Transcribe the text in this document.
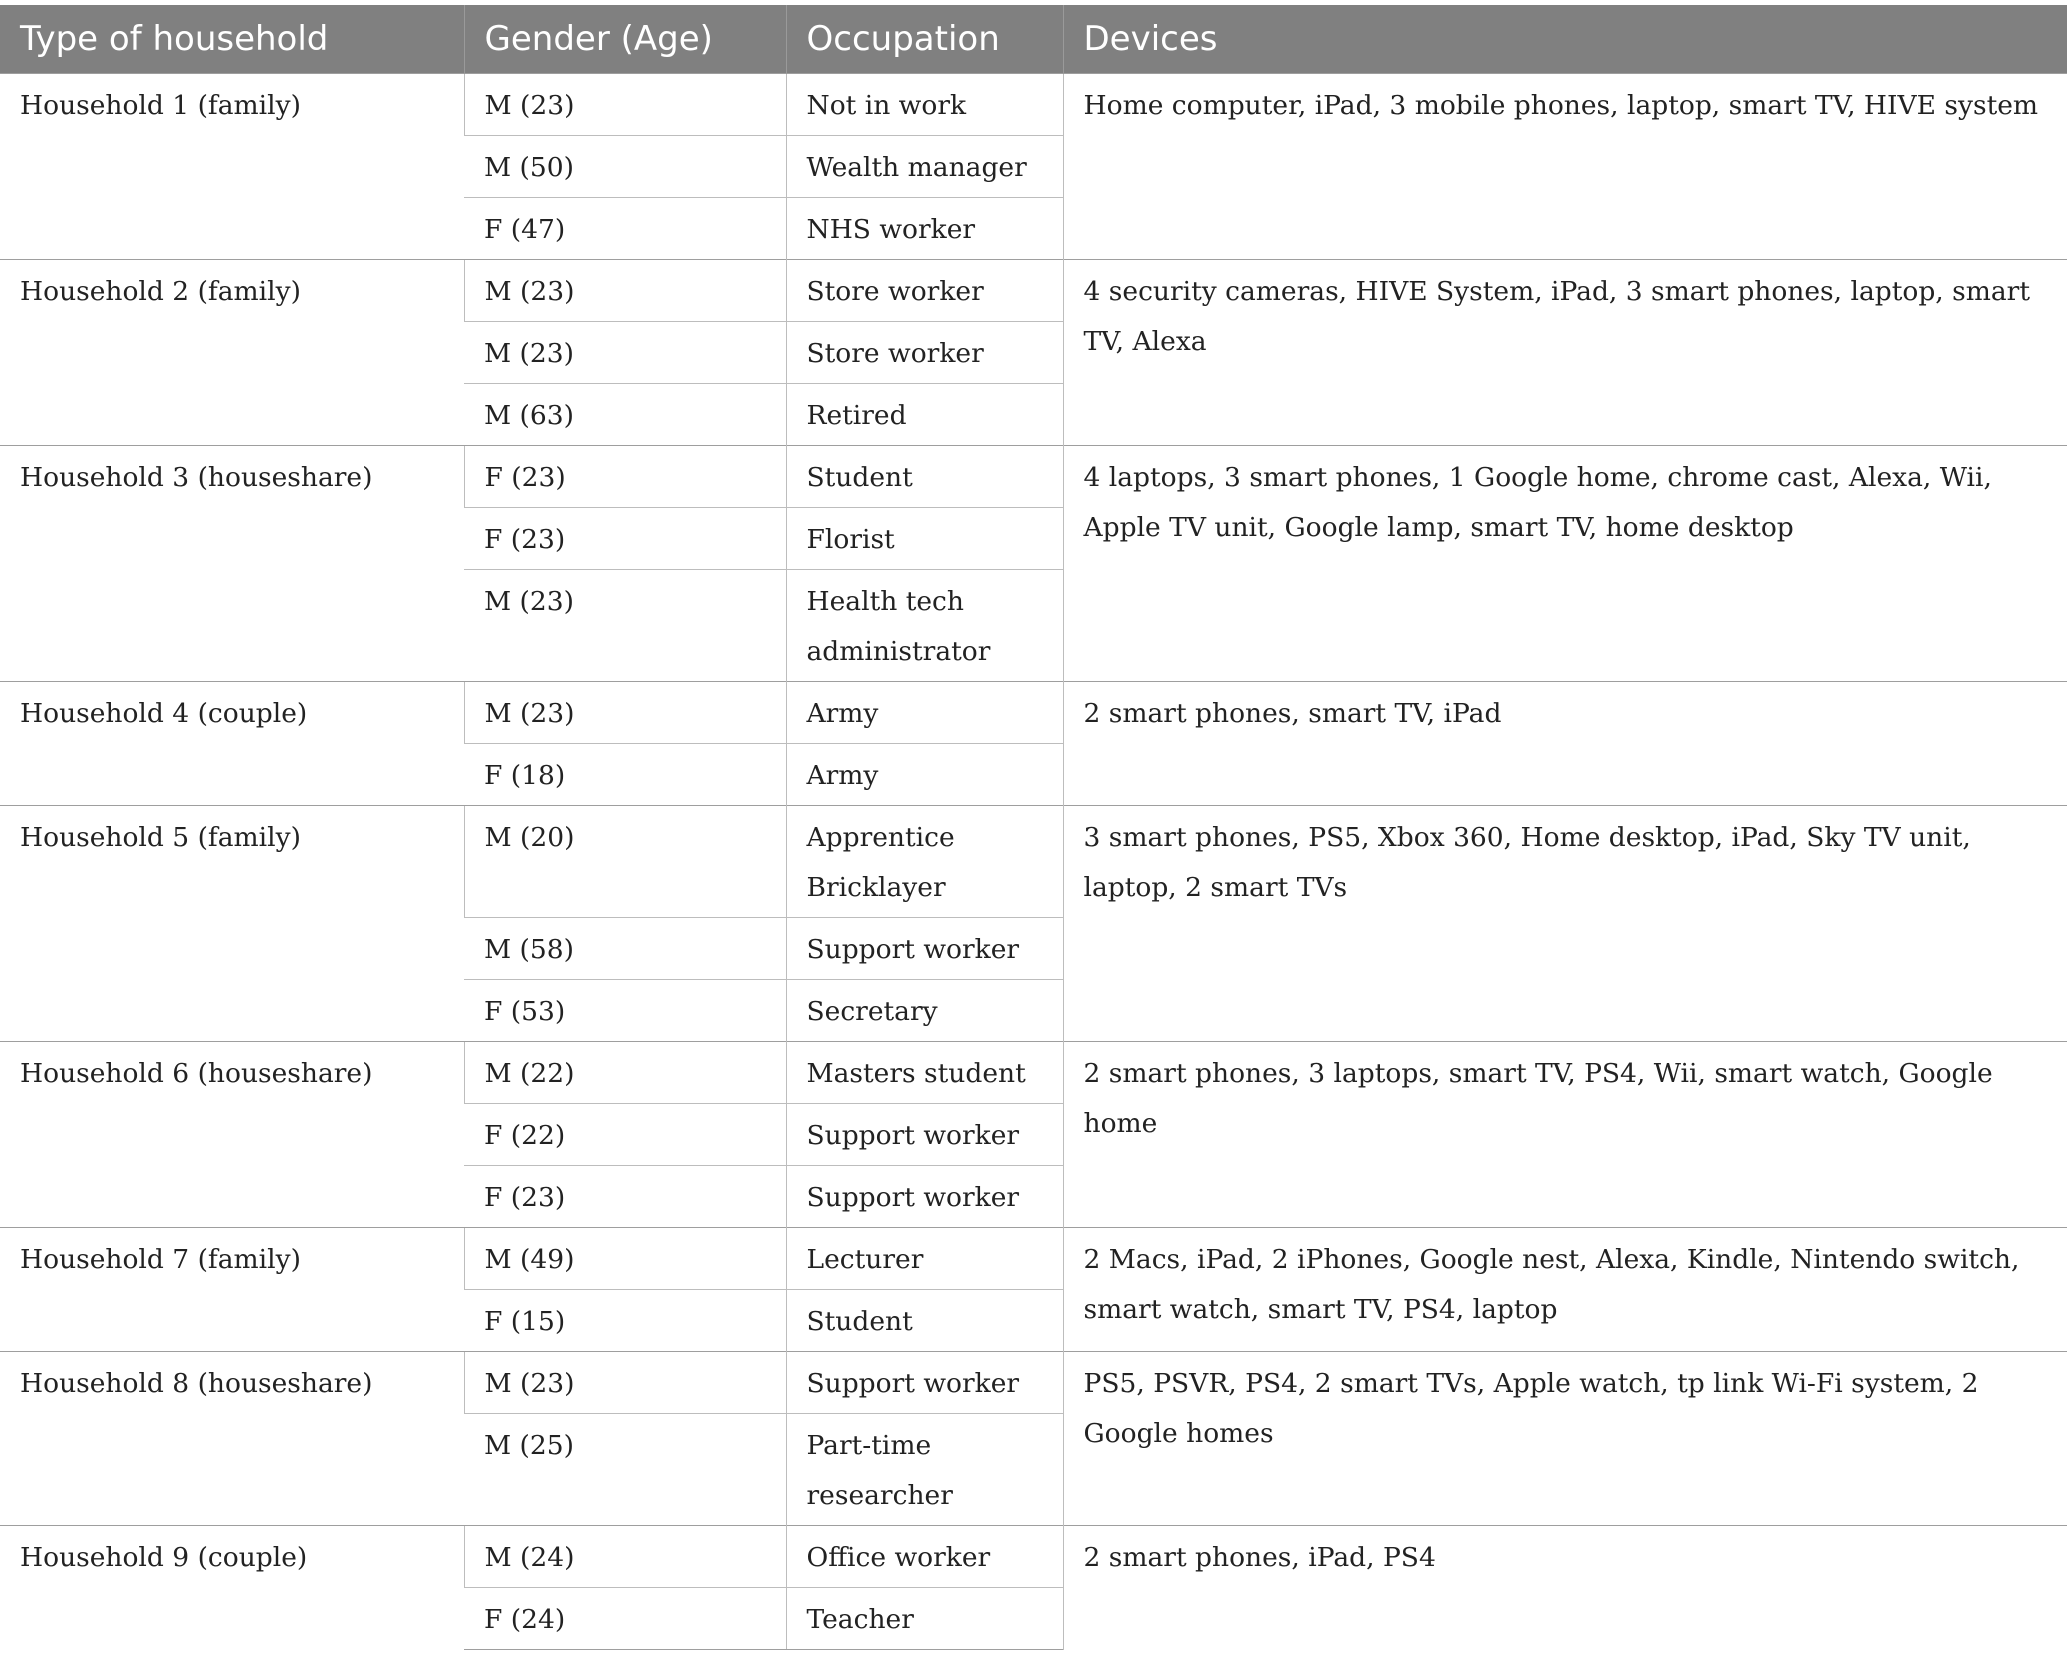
Type of household	Gender (Age)	Occupation	Devices
Household 1 (family)	M (23)	Not in work	Home computer, iPad, 3 mobile phones, laptop, smart TV, HIVE system
	M (50)	Wealth manager	
	F (47)	NHS worker	
Household 2 (family)	M (23)	Store worker	4 security cameras, HIVE System, iPad, 3 smart phones, laptop, smart TV, Alexa
	M (23)	Store worker	
	M (63)	Retired	
Household 3 (houseshare)	F (23)	Student	4 laptops, 3 smart phones, 1 Google home, chrome cast, Alexa, Wii, Apple TV unit, Google lamp, smart TV, home desktop
	F (23)	Florist	
	M (23)	Health tech administrator	
Household 4 (couple)	M (23)	Army	2 smart phones, smart TV, iPad
	F (18)	Army	
Household 5 (family)	M (20)	Apprentice Bricklayer	3 smart phones, PS5, Xbox 360, Home desktop, iPad, Sky TV unit, laptop, 2 smart TVs
	M (58)	Support worker	
	F (53)	Secretary	
Household 6 (houseshare)	M (22)	Masters student	2 smart phones, 3 laptops, smart TV, PS4, Wii, smart watch, Google home
	F (22)	Support worker	
	F (23)	Support worker	
Household 7 (family)	M (49)	Lecturer	2 Macs, iPad, 2 iPhones, Google nest, Alexa, Kindle, Nintendo switch, smart watch, smart TV, PS4, laptop
	F (15)	Student	
Household 8 (houseshare)	M (23)	Support worker	PS5, PSVR, PS4, 2 smart TVs, Apple watch, tp link Wi-Fi system, 2 Google homes
	M (25)	Part-time researcher	
Household 9 (couple)	M (24)	Office worker	2 smart phones, iPad, PS4
	F (24)	Teacher	
